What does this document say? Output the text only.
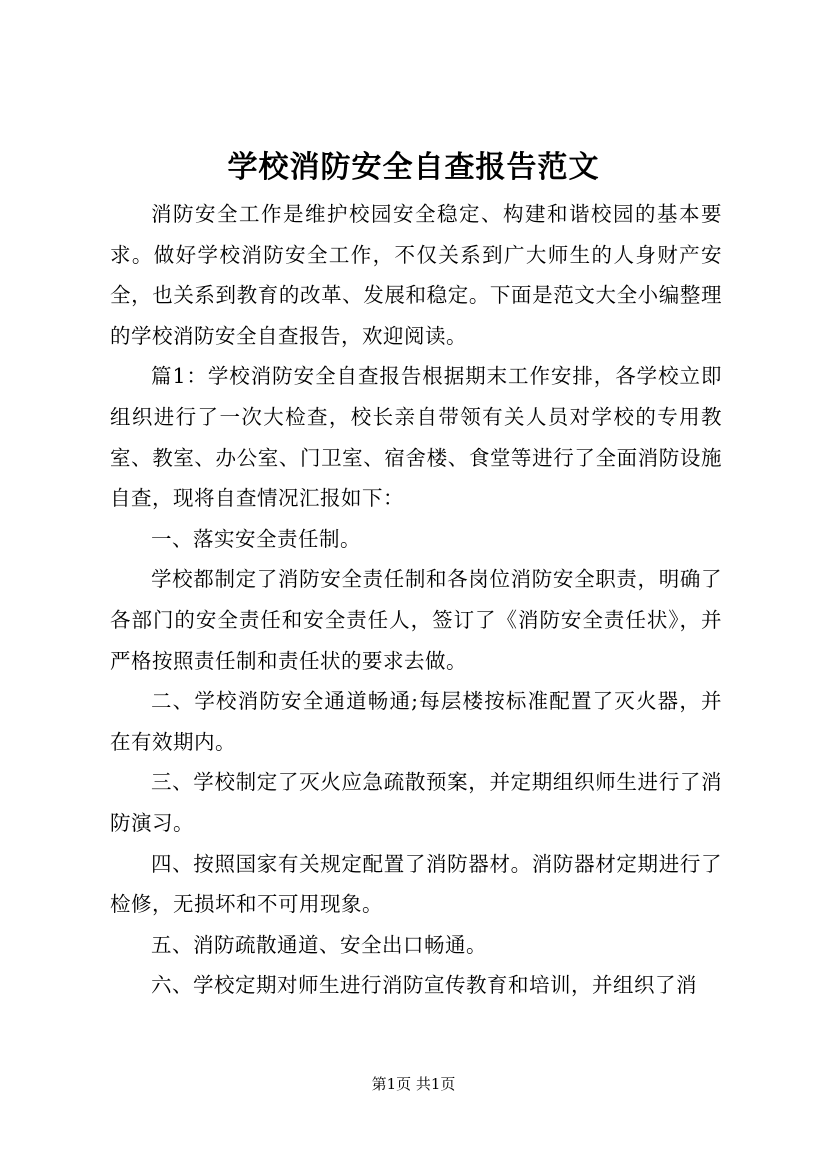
学校消防安全自查报告范文

消防安全工作是维护校园安全稳定、构建和谐校园的基本要求。做好学校消防安全工作，不仅关系到广大师生的人身财产安全，也关系到教育的改革、发展和稳定。下面是范文大全小编整理的学校消防安全自查报告，欢迎阅读。

篇1：学校消防安全自查报告根据期末工作安排，各学校立即组织进行了一次大检查，校长亲自带领有关人员对学校的专用教室、教室、办公室、门卫室、宿舍楼、食堂等进行了全面消防设施自查，现将自查情况汇报如下：

一、落实安全责任制。

学校都制定了消防安全责任制和各岗位消防安全职责，明确了各部门的安全责任和安全责任人，签订了《消防安全责任状》，并严格按照责任制和责任状的要求去做。

二、学校消防安全通道畅通;每层楼按标准配置了灭火器，并在有效期内。

三、学校制定了灭火应急疏散预案，并定期组织师生进行了消防演习。

四、按照国家有关规定配置了消防器材。消防器材定期进行了检修，无损坏和不可用现象。

五、消防疏散通道、安全出口畅通。

六、学校定期对师生进行消防宣传教育和培训，并组织了消

第1页 共1页
